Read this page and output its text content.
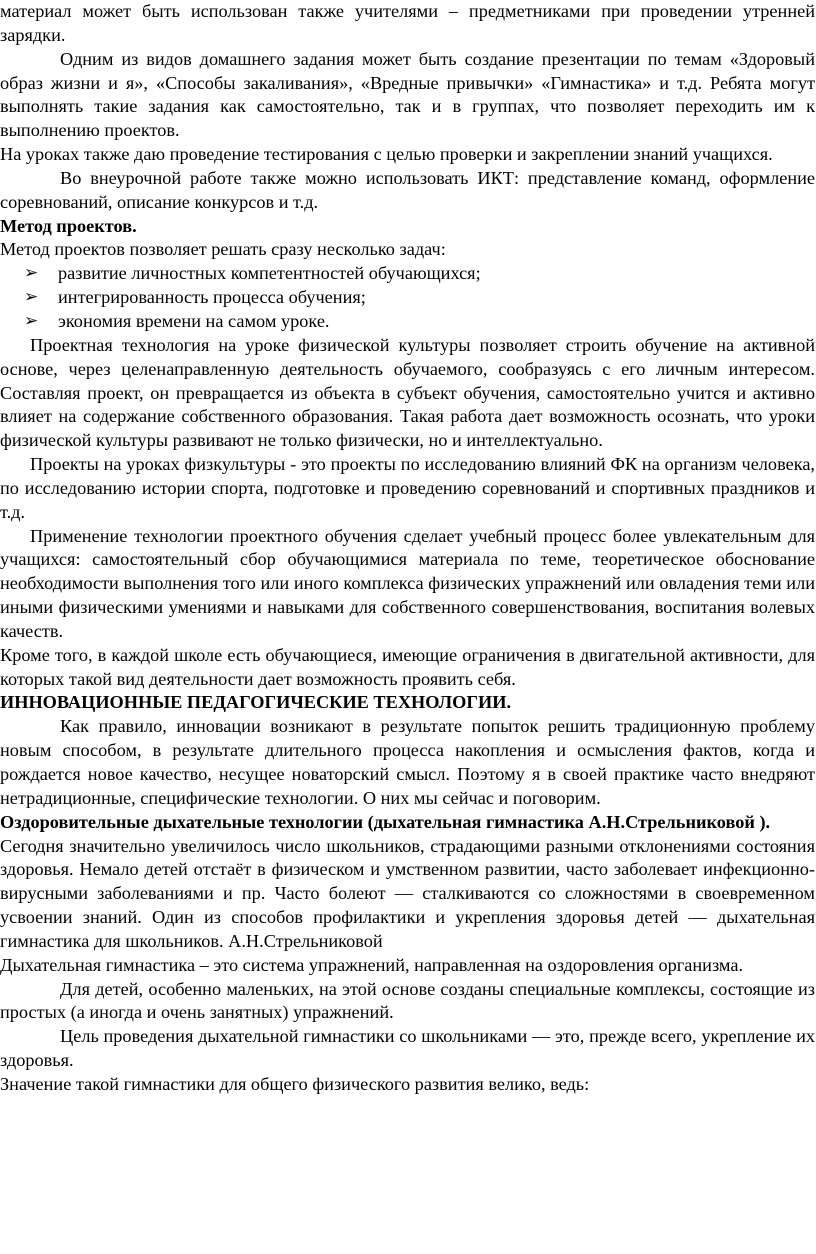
материал может быть использован также учителями – предметниками при проведении утренней зарядки.

Одним из видов домашнего задания может быть создание презентации по темам «Здоровый образ жизни и я», «Способы закаливания», «Вредные привычки» «Гимнастика» и т.д. Ребята могут выполнять такие задания как самостоятельно, так и в группах, что позволяет переходить им к выполнению проектов.

На уроках также даю проведение тестирования с целью проверки и закреплении знаний учащихся.

Во внеурочной работе также можно использовать ИКТ: представление команд, оформление соревнований, описание конкурсов и т.д.

Метод проектов.

Метод проектов позволяет решать сразу несколько задач:

➢ развитие личностных компетентностей обучающихся;
➢ интегрированность процесса обучения;
➢ экономия времени на самом уроке.

Проектная технология на уроке физической культуры позволяет строить обучение на активной основе, через целенаправленную деятельность обучаемого, сообразуясь с его личным интересом. Составляя проект, он превращается из объекта в субъект обучения, самостоятельно учится и активно влияет на содержание собственного образования. Такая работа дает возможность осознать, что уроки физической культуры развивают не только физически, но и интеллектуально.

Проекты на уроках физкультуры - это проекты по исследованию влияний ФК на организм человека, по исследованию истории спорта, подготовке и проведению соревнований и спортивных праздников и т.д.

Применение технологии проектного обучения сделает учебный процесс более увлекательным для учащихся: самостоятельный сбор обучающимися материала по теме, теоретическое обоснование необходимости выполнения того или иного комплекса физических упражнений или овладения теми или иными физическими умениями и навыками для собственного совершенствования, воспитания волевых качеств.

Кроме того, в каждой школе есть обучающиеся, имеющие ограничения в двигательной активности, для которых такой вид деятельности дает возможность проявить себя.

ИННОВАЦИОННЫЕ ПЕДАГОГИЧЕСКИЕ ТЕХНОЛОГИИ.

Как правило, инновации возникают в результате попыток решить традиционную проблему новым способом, в результате длительного процесса накопления и осмысления фактов, когда и рождается новое качество, несущее новаторский смысл. Поэтому я в своей практике часто внедряют нетрадиционные, специфические технологии. О них мы сейчас и поговорим.

Оздоровительные дыхательные технологии (дыхательная гимнастика А.Н.Стрельниковой ).

Сегодня значительно увеличилось число школьников, страдающими разными отклонениями состояния здоровья. Немало детей отстаёт в физическом и умственном развитии, часто заболевает инфекционно-вирусными заболеваниями и пр. Часто болеют — сталкиваются со сложностями в своевременном усвоении знаний. Один из способов профилактики и укрепления здоровья детей — дыхательная гимнастика для школьников. А.Н.Стрельниковой

Дыхательная гимнастика – это система упражнений, направленная на оздоровления организма.

Для детей, особенно маленьких, на этой основе созданы специальные комплексы, состоящие из простых (а иногда и очень занятных) упражнений.

Цель проведения дыхательной гимнастики со школьниками — это, прежде всего, укрепление их здоровья.

Значение такой гимнастики для общего физического развития велико, ведь:
